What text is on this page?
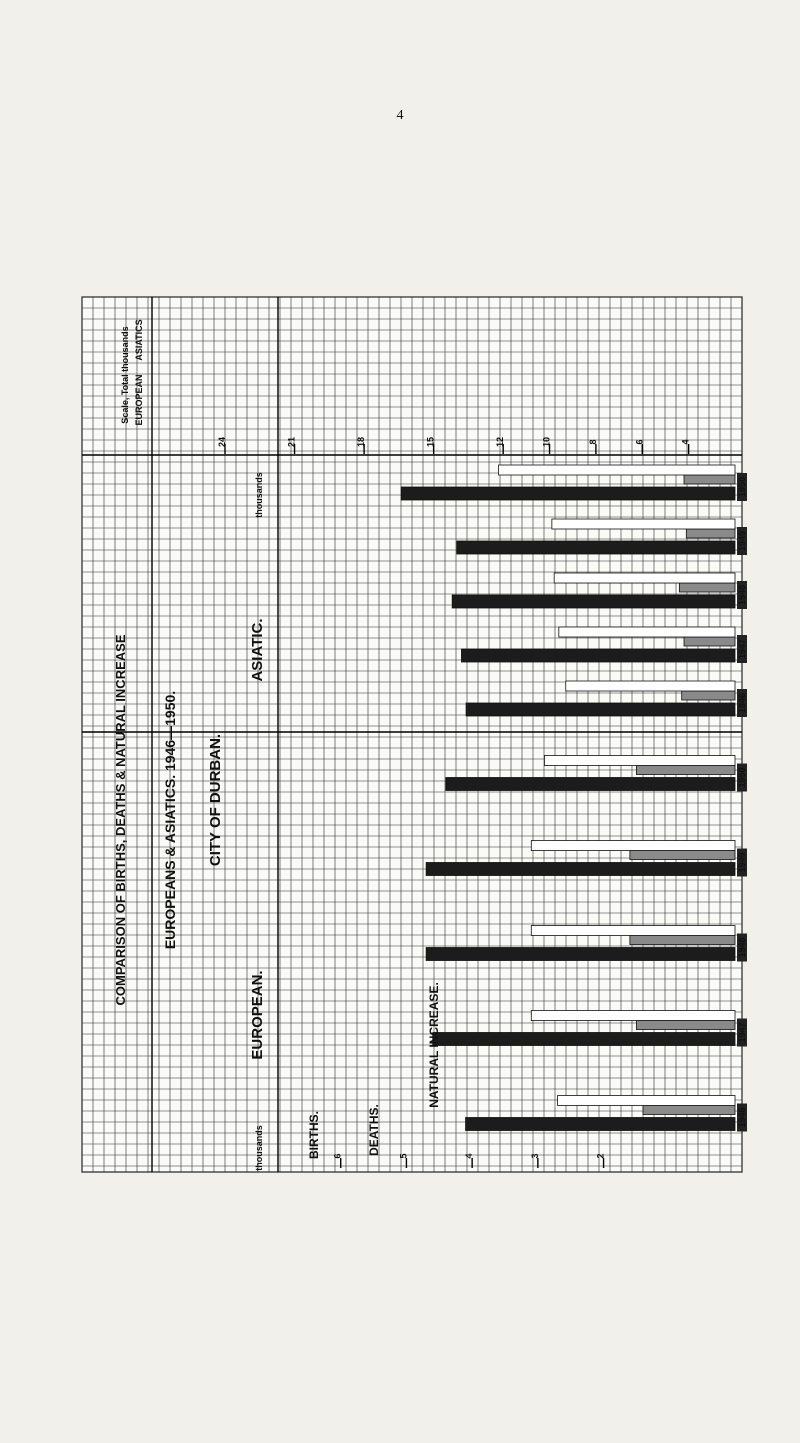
4
2
3
4
5
6
4
6
8
10
12
15
18
21
24
1946
1947
1948
1949
1950
EUROPEAN.
BIRTHS.	DEATHS.
NATURAL INCREASE.
1946
1947
1948
1949
1950
ASIATIC.
thousands
thousands
COMPARISON OF BIRTHS, DEATHS & NATURAL INCREASE EUROPEANS & ASIATICS. 1946—1950. CITY OF DURBAN.
Scale, Total thousands EUROPEAN
ASIATICS
